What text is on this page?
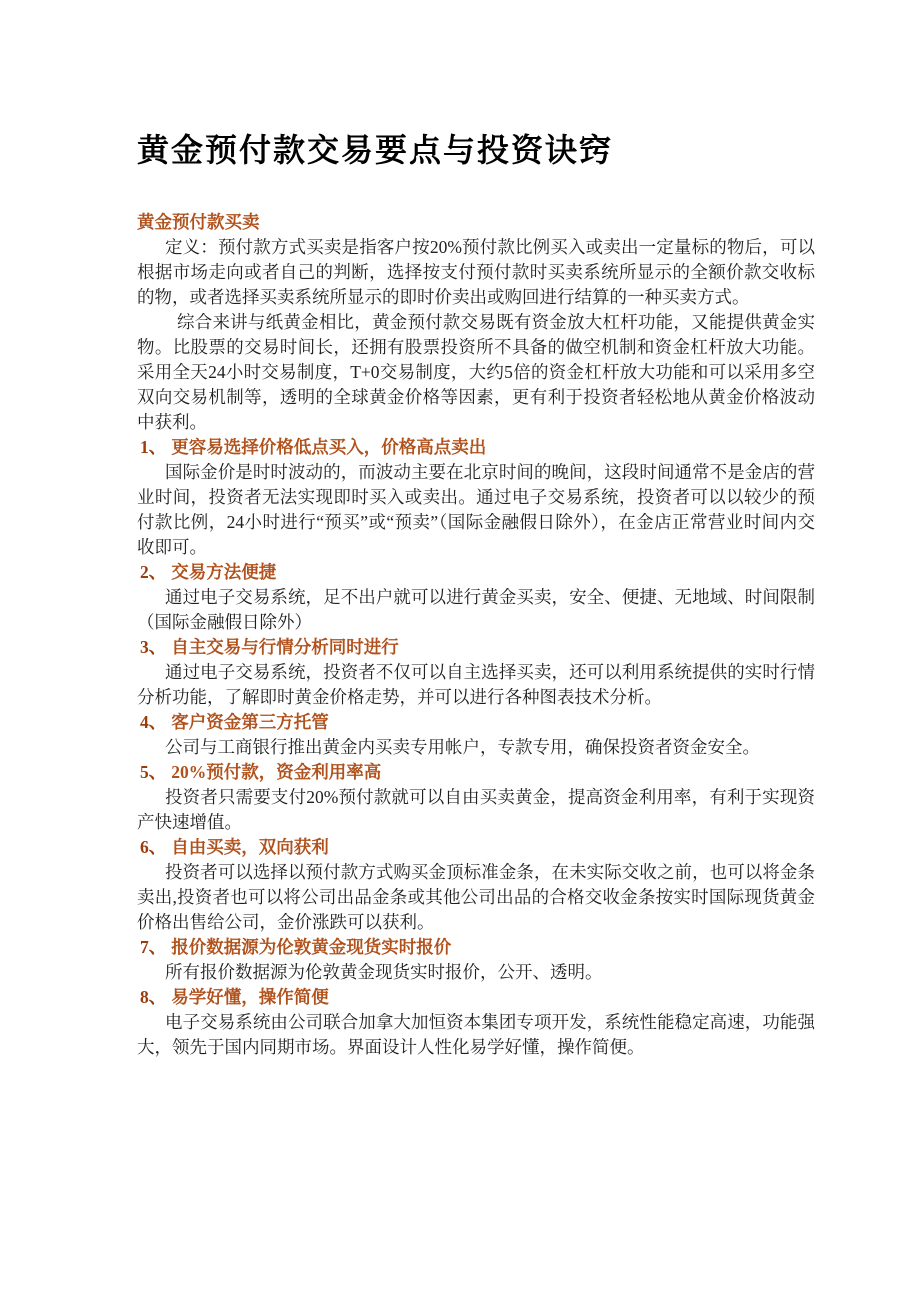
黄金预付款交易要点与投资诀窍
黄金预付款买卖

定义：预付款方式买卖是指客户按20%预付款比例买入或卖出一定量标的物后，可以根据市场走向或者自己的判断，选择按支付预付款时买卖系统所显示的全额价款交收标的物，或者选择买卖系统所显示的即时价卖出或购回进行结算的一种买卖方式。

综合来讲与纸黄金相比，黄金预付款交易既有资金放大杠杆功能，又能提供黄金实物。比股票的交易时间长，还拥有股票投资所不具备的做空机制和资金杠杆放大功能。采用全天24小时交易制度，T+0交易制度，大约5倍的资金杠杆放大功能和可以采用多空双向交易机制等，透明的全球黄金价格等因素，更有利于投资者轻松地从黄金价格波动中获利。

1、 更容易选择价格低点买入，价格高点卖出

国际金价是时时波动的，而波动主要在北京时间的晚间，这段时间通常不是金店的营业时间，投资者无法实现即时买入或卖出。通过电子交易系统，投资者可以以较少的预付款比例，24小时进行“预买”或“预卖”（国际金融假日除外），在金店正常营业时间内交收即可。

2、 交易方法便捷

通过电子交易系统，足不出户就可以进行黄金买卖，安全、便捷、无地域、时间限制（国际金融假日除外）

3、 自主交易与行情分析同时进行

通过电子交易系统，投资者不仅可以自主选择买卖，还可以利用系统提供的实时行情分析功能，了解即时黄金价格走势，并可以进行各种图表技术分析。

4、 客户资金第三方托管

公司与工商银行推出黄金内买卖专用帐户，专款专用，确保投资者资金安全。

5、 20%预付款，资金利用率高

投资者只需要支付20%预付款就可以自由买卖黄金，提高资金利用率，有利于实现资产快速增值。

6、 自由买卖，双向获利

投资者可以选择以预付款方式购买金顶标准金条，在未实际交收之前，也可以将金条卖出,投资者也可以将公司出品金条或其他公司出品的合格交收金条按实时国际现货黄金价格出售给公司，金价涨跌可以获利。

7、 报价数据源为伦敦黄金现货实时报价

所有报价数据源为伦敦黄金现货实时报价，公开、透明。

8、 易学好懂，操作简便

电子交易系统由公司联合加拿大加恒资本集团专项开发，系统性能稳定高速，功能强大，领先于国内同期市场。界面设计人性化易学好懂，操作简便。
